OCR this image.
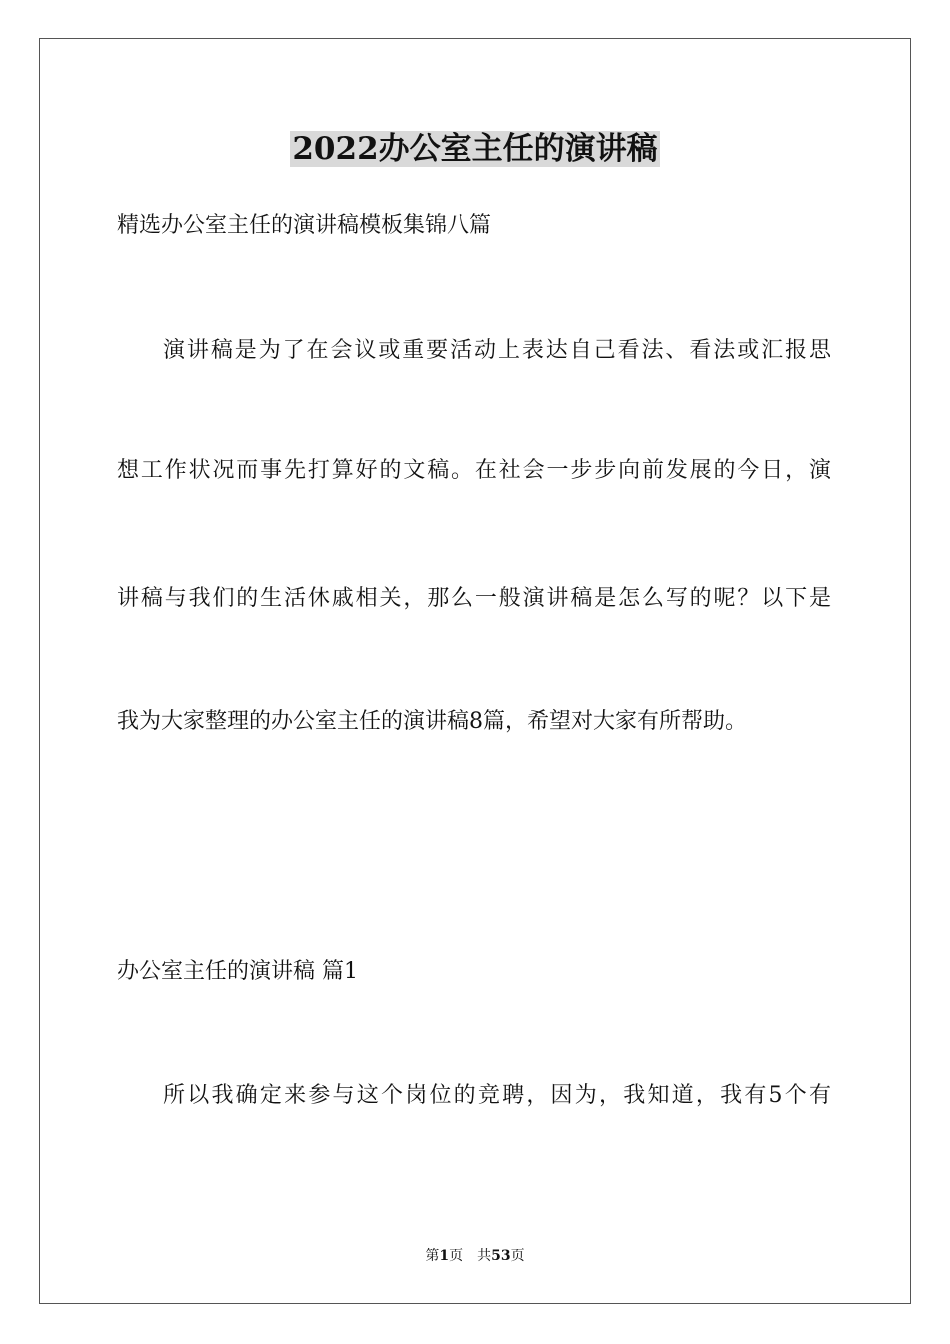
2022办公室主任的演讲稿
精选办公室主任的演讲稿模板集锦八篇
演讲稿是为了在会议或重要活动上表达自己看法、看法或汇报思
想工作状况而事先打算好的文稿。在社会一步步向前发展的今日，演
讲稿与我们的生活休戚相关，那么一般演讲稿是怎么写的呢？以下是
我为大家整理的办公室主任的演讲稿8篇，希望对大家有所帮助。
办公室主任的演讲稿 篇1
所以我确定来参与这个岗位的竞聘，因为，我知道，我有5个有
第1页 共53页
